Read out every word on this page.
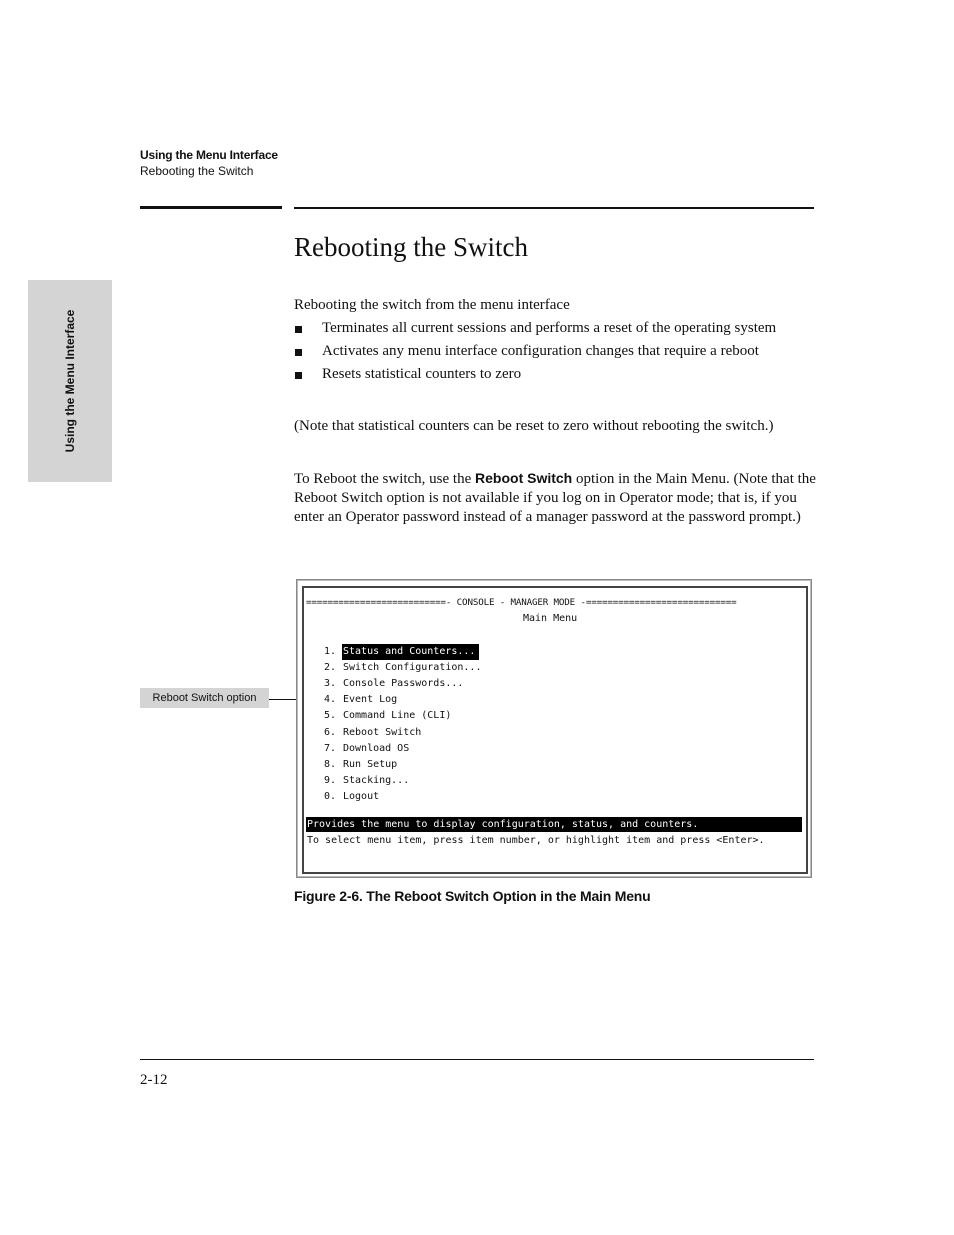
Using the Menu Interface
Rebooting the Switch
Using the Menu Interface
Rebooting the Switch

Rebooting the switch from the menu interface

Terminates all current sessions and performs a reset of the operating system
Activates any menu interface configuration changes that require a reboot
Resets statistical counters to zero

(Note that statistical counters can be reset to zero without rebooting the switch.)

To Reboot the switch, use the Reboot Switch option in the Main Menu. (Note that the Reboot Switch option is not available if you log on in Operator mode; that is, if you enter an Operator password instead of a manager password at the password prompt.)

Reboot Switch option
==========================- CONSOLE - MANAGER MODE -============================
Main Menu
1. Status and Counters...
2. Switch Configuration...
3. Console Passwords...
4. Event Log
5. Command Line (CLI)
6. Reboot Switch
7. Download OS
8. Run Setup
9. Stacking...
0. Logout
Provides the menu to display configuration, status, and counters.
To select menu item, press item number, or highlight item and press <Enter>.
Figure 2-6. The Reboot Switch Option in the Main Menu
2-12
